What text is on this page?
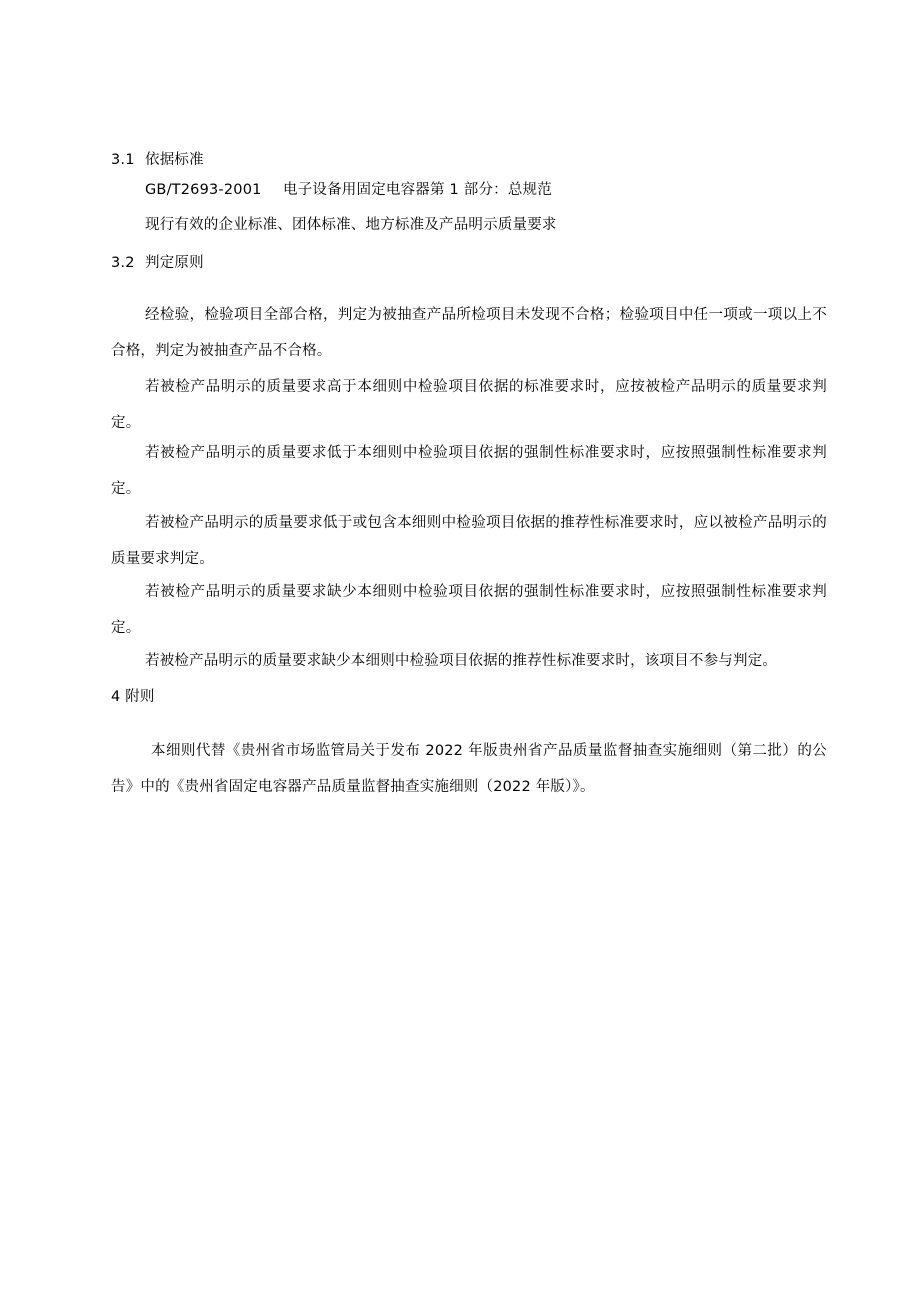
3.1 依据标准
GB/T2693-2001 电子设备用固定电容器第 1 部分：总规范
现行有效的企业标准、团体标准、地方标准及产品明示质量要求
3.2 判定原则
经检验，检验项目全部合格，判定为被抽查产品所检项目未发现不合格；检验项目中任一项或一项以上不合格，判定为被抽查产品不合格。
若被检产品明示的质量要求高于本细则中检验项目依据的标准要求时，应按被检产品明示的质量要求判定。
若被检产品明示的质量要求低于本细则中检验项目依据的强制性标准要求时，应按照强制性标准要求判定。
若被检产品明示的质量要求低于或包含本细则中检验项目依据的推荐性标准要求时，应以被检产品明示的质量要求判定。
若被检产品明示的质量要求缺少本细则中检验项目依据的强制性标准要求时，应按照强制性标准要求判定。
若被检产品明示的质量要求缺少本细则中检验项目依据的推荐性标准要求时，该项目不参与判定。
4 附则
本细则代替《贵州省市场监管局关于发布 2022 年版贵州省产品质量监督抽查实施细则（第二批）的公告》中的《贵州省固定电容器产品质量监督抽查实施细则（2022 年版）》。
